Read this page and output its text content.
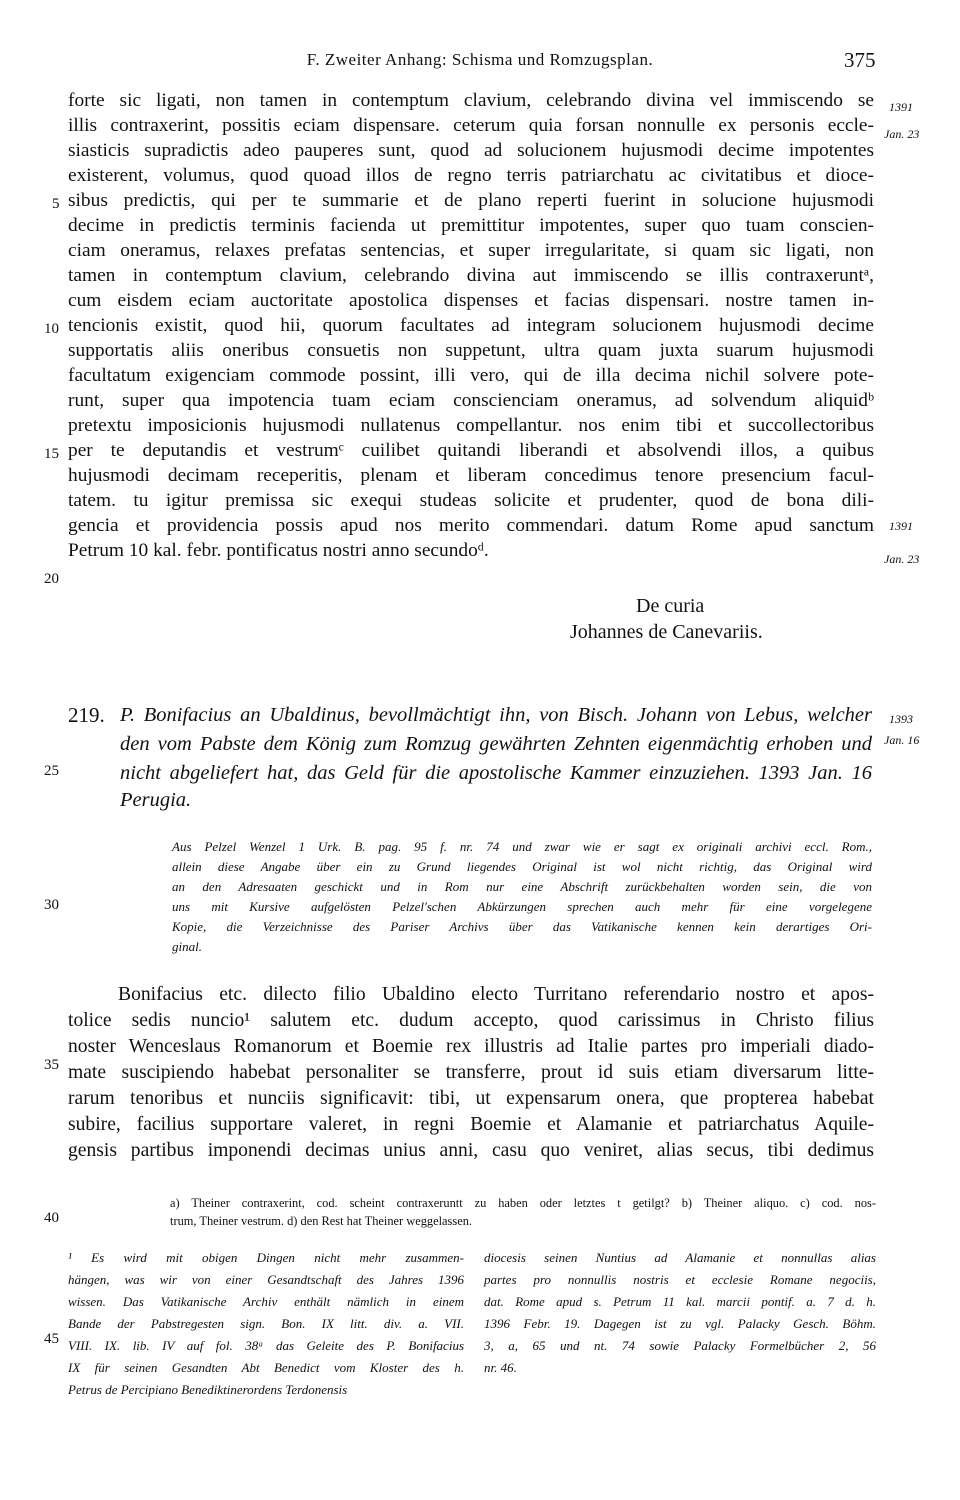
F. Zweiter Anhang: Schisma und Romzugsplan.	375
forte sic ligati, non tamen in contemptum clavium, celebrando divina vel immiscendo se
illis contraxerint, possitis eciam dispensare. ceterum quia forsan nonnulle ex personis eccle-
siasticis supradictis adeo pauperes sunt, quod ad solucionem hujusmodi decime impotentes
existerent, volumus, quod quoad illos de regno terris patriarchatu ac civitatibus et dioce-
sibus predictis, qui per te summarie et de plano reperti fuerint in solucione hujusmodi
decime in predictis terminis facienda ut premittitur impotentes, super quo tuam conscien-
ciam oneramus, relaxes prefatas sentencias, et super irregularitate, si quam sic ligati, non
tamen in contemptum clavium, celebrando divina aut immiscendo se illis contraxeruntᵃ,
cum eisdem eciam auctoritate apostolica dispenses et facias dispensari. nostre tamen in-
tencionis existit, quod hii, quorum facultates ad integram solucionem hujusmodi decime
supportatis aliis oneribus consuetis non suppetunt, ultra quam juxta suarum hujusmodi
facultatum exigenciam commode possint, illi vero, qui de illa decima nichil solvere pote-
runt, super qua impotencia tuam eciam conscienciam oneramus, ad solvendum aliquidᵇ
pretextu imposicionis hujusmodi nullatenus compellantur. nos enim tibi et succollectoribus
per te deputandis et vestrumᶜ cuilibet quitandi liberandi et absolvendi illos, a quibus
hujusmodi decimam receperitis, plenam et liberam concedimus tenore presencium facul-
tatem. tu igitur premissa sic exequi studeas solicite et prudenter, quod de bona dili-
gencia et providencia possis apud nos merito commendari. datum Rome apud sanctum
Petrum 10 kal. febr. pontificatus nostri anno secundoᵈ.
5
10
15
20
25
30
35
40
45
1391
Jan. 23
1391
Jan. 23
1393
Jan. 16
De curia
Johannes de Canevariis.
219. P. Bonifacius an Ubaldinus, bevollmächtigt ihn, von Bisch. Johann von Lebus, welcher
den vom Pabste dem König zum Romzug gewährten Zehnten eigenmächtig erhoben und
nicht abgeliefert hat, das Geld für die apostolische Kammer einzuziehen. 1393 Jan. 16
Perugia.
Aus Pelzel Wenzel 1 Urk. B. pag. 95 f. nr. 74 und zwar wie er sagt ex originali archivi eccl. Rom.,
allein diese Angabe über ein zu Grund liegendes Original ist wol nicht richtig, das Original wird
an den Adresaaten geschickt und in Rom nur eine Abschrift zurückbehalten worden sein, die von
uns mit Kursive aufgelösten Pelzel'schen Abkürzungen sprechen auch mehr für eine vorgelegene
Kopie, die Verzeichnisse des Pariser Archivs über das Vatikanische kennen kein derartiges Ori-
ginal.
Bonifacius etc. dilecto filio Ubaldino electo Turritano referendario nostro et apos-
tolice sedis nuncio¹ salutem etc. dudum accepto, quod carissimus in Christo filius
noster Wenceslaus Romanorum et Boemie rex illustris ad Italie partes pro imperiali diado-
mate suscipiendo habebat personaliter se transferre, prout id suis etiam diversarum litte-
rarum tenoribus et nunciis significavit: tibi, ut expensarum onera, que propterea habebat
subire, facilius supportare valeret, in regni Boemie et Alamanie et patriarchatus Aquile-
gensis partibus imponendi decimas unius anni, casu quo veniret, alias secus, tibi dedimus
a) Theiner contraxerint, cod. scheint contraxeruntt zu haben oder letztes t getilgt? b) Theiner aliquo. c) cod. nos-
trum, Theiner vestrum. d) den Rest hat Theiner weggelassen.
¹ Es wird mit obigen Dingen nicht mehr zusammen-
hängen, was wir von einer Gesandtschaft des Jahres 1396
wissen. Das Vatikanische Archiv enthält nämlich in einem
Bande der Pabstregesten sign. Bon. IX litt. div. a. VII.
VIII. IX. lib. IV auf fol. 38ᵃ das Geleite des P. Bonifacius
IX für seinen Gesandten Abt Benedict vom Kloster des h.
Petrus de Percipiano Benediktinerordens Terdonensis
diocesis seinen Nuntius ad Alamanie et nonnullas alias
partes pro nonnullis nostris et ecclesie Romane negociis,
dat. Rome apud s. Petrum 11 kal. marcii pontif. a. 7 d. h.
1396 Febr. 19. Dagegen ist zu vgl. Palacky Gesch. Böhm.
3, a, 65 und nt. 74 sowie Palacky Formelbücher 2, 56
nr. 46.
